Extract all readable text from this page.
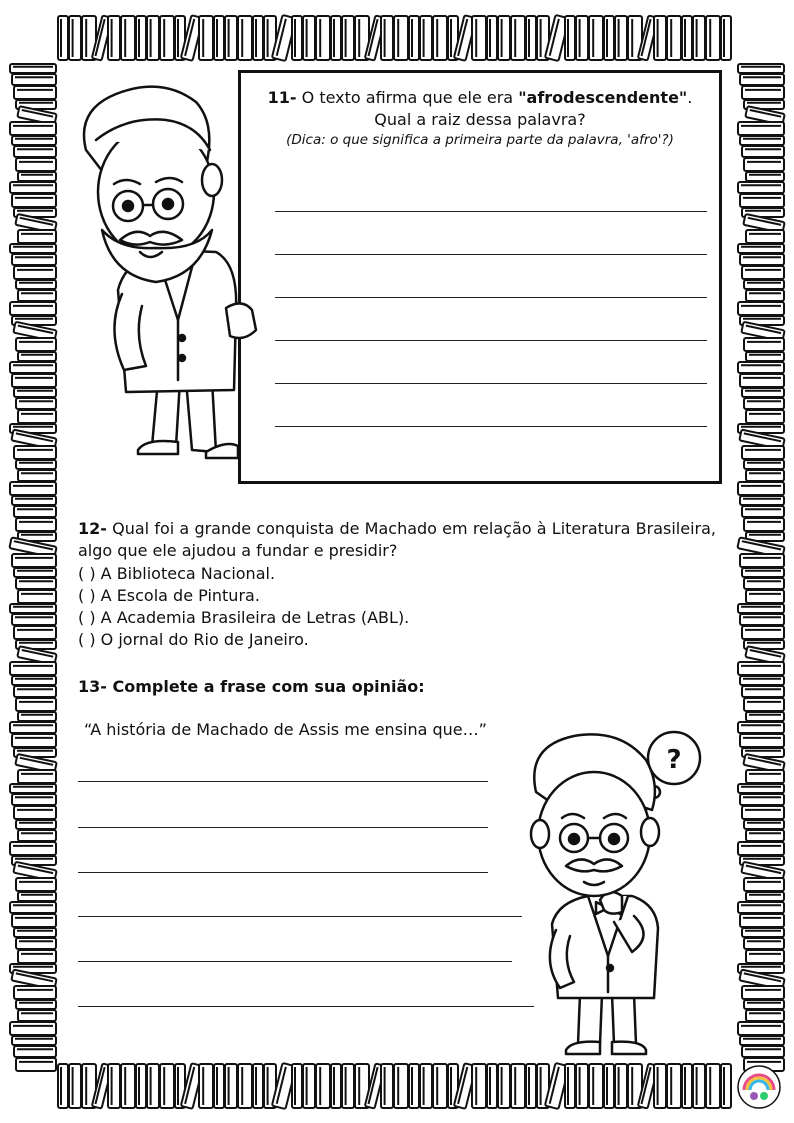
11- O texto afirma que ele era "afrodescendente".
Qual a raiz dessa palavra?
(Dica: o que significa a primeira parte da palavra, 'afro'?)
12- Qual foi a grande conquista de Machado em relação à Literatura Brasileira, algo que ele ajudou a fundar e presidir?
( ) A Biblioteca Nacional.
( ) A Escola de Pintura.
( ) A Academia Brasileira de Letras (ABL).
( ) O jornal do Rio de Janeiro.
13- Complete a frase com sua opinião:
“A história de Machado de Assis me ensina que…”
?
